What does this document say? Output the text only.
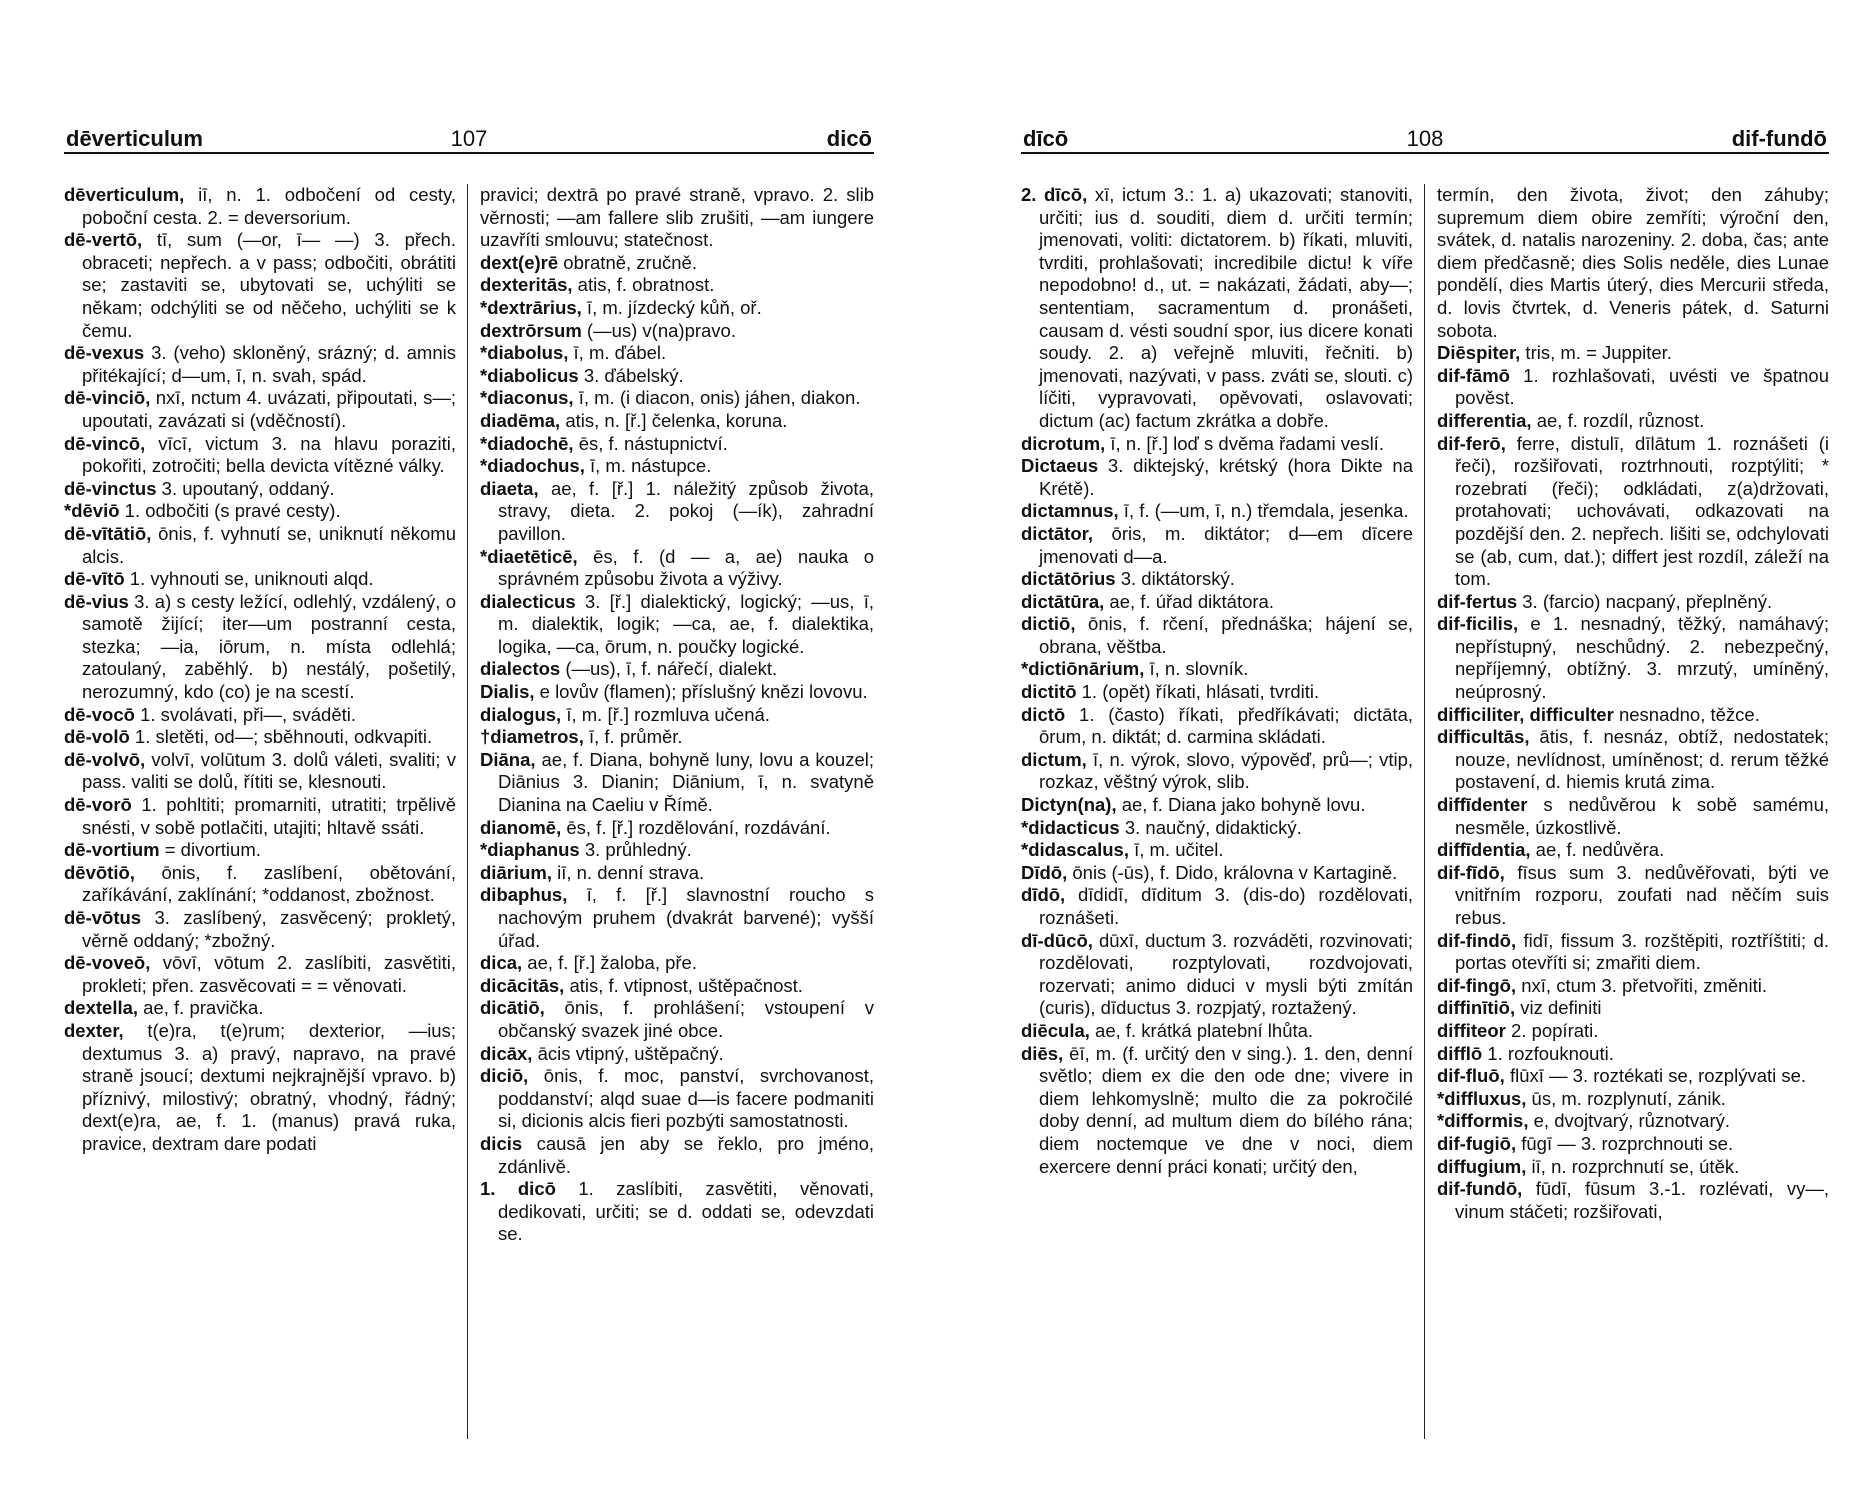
dēverticulum	107	dicō

dēverticulum, iī, n. 1. odbočení od cesty, poboční cesta. 2. = deversorium.

dē-vertō, tī, sum (—or, ī— —) 3. přech. obraceti; nepřech. a v pass; odbočiti, obrátiti se; zastaviti se, ubytovati se, uchýliti se někam; odchýliti se od něčeho, uchýliti se k čemu.

dē-vexus 3. (veho) skloněný, srázný; d. amnis přitékající; d—um, ī, n. svah, spád.

dē-vinciō, nxī, nctum 4. uvázati, připoutati, s—; upoutati, zavázati si (vděčností).

dē-vincō, vīcī, victum 3. na hlavu poraziti, pokořiti, zotročiti; bella devicta vítězné války.

dē-vinctus 3. upoutaný, oddaný.

*dēviō 1. odbočiti (s pravé cesty).

dē-vītātiō, ōnis, f. vyhnutí se, uniknutí někomu alcis.

dē-vītō 1. vyhnouti se, uniknouti alqd.

dē-vius 3. a) s cesty ležící, odlehlý, vzdálený, o samotě žijící; iter—um postranní cesta, stezka; —ia, iōrum, n. místa odlehlá; zatoulaný, zaběhlý. b) nestálý, pošetilý, nerozumný, kdo (co) je na scestí.

dē-vocō 1. svolávati, při—, sváděti.

dē-volō 1. sletěti, od—; sběhnouti, odkvapiti.

dē-volvō, volvī, volūtum 3. dolů váleti, svaliti; v pass. valiti se dolů, řítiti se, klesnouti.

dē-vorō 1. pohltiti; promarniti, utratiti; trpělivě snésti, v sobě potlačiti, utajiti; hltavě ssáti.

dē-vortium = divortium.

dēvōtiō, ōnis, f. zaslíbení, obětování, zaříkávání, zaklínání; *oddanost, zbožnost.

dē-vōtus 3. zaslíbený, zasvěcený; prokletý, věrně oddaný; *zbožný.

dē-voveō, vōvī, vōtum 2. zaslíbiti, zasvětiti, prokleti; přen. zasvěcovati = = věnovati.

dextella, ae, f. pravička.

dexter, t(e)ra, t(e)rum; dexterior, —ius; dextumus 3. a) pravý, napravo, na pravé straně jsoucí; dextumi nejkrajnější vpravo. b) příznivý, milostivý; obratný, vhodný, řádný; dext(e)ra, ae, f. 1. (manus) pravá ruka, pravice, dextram dare podati

pravici; dextrā po pravé straně, vpravo. 2. slib věrnosti; —am fallere slib zrušiti, —am iungere uzavříti smlouvu; statečnost.

dext(e)rē obratně, zručně.

dexteritās, atis, f. obratnost.

*dextrārius, ī, m. jízdecký kůň, oř.

dextrōrsum (—us) v(na)pravo.

*diabolus, ī, m. ďábel.

*diabolicus 3. ďábelský.

*diaconus, ī, m. (i diacon, onis) jáhen, diakon.

diadēma, atis, n. [ř.] čelenka, koruna.

*diadochē, ēs, f. nástupnictví.

*diadochus, ī, m. nástupce.

diaeta, ae, f. [ř.] 1. náležitý způsob života, stravy, dieta. 2. pokoj (—ík), zahradní pavillon.

*diaetēticē, ēs, f. (d — a, ae) nauka o správném způsobu života a výživy.

dialecticus 3. [ř.] dialektický, logický; —us, ī, m. dialektik, logik; —ca, ae, f. dialektika, logika, —ca, ōrum, n. poučky logické.

dialectos (—us), ī, f. nářečí, dialekt.

Dialis, e lovův (flamen); příslušný knězi lovovu.

dialogus, ī, m. [ř.] rozmluva učená.

†diametros, ī, f. průměr.

Diāna, ae, f. Diana, bohyně luny, lovu a kouzel; Diānius 3. Dianin; Diānium, ī, n. svatyně Dianina na Caeliu v Římě.

dianomē, ēs, f. [ř.] rozdělování, rozdávání.

*diaphanus 3. průhledný.

diārium, iī, n. denní strava.

dibaphus, ī, f. [ř.] slavnostní roucho s nachovým pruhem (dvakrát barvené); vyšší úřad.

dica, ae, f. [ř.] žaloba, pře.

dicācitās, atis, f. vtipnost, uštěpačnost.

dicātiō, ōnis, f. prohlášení; vstoupení v občanský svazek jiné obce.

dicāx, ācis vtipný, uštěpačný.

diciō, ōnis, f. moc, panství, svrchovanost, poddanství; alqd suae d—is facere podmaniti si, dicionis alcis fieri pozbýti samostatnosti.

dicis causā jen aby se řeklo, pro jméno, zdánlivě.

1. dicō 1. zaslíbiti, zasvětiti, věnovati, dedikovati, určiti; se d. oddati se, odevzdati se.

dīcō	108	dif-fundō

2. dīcō, xī, ictum 3.: 1. a) ukazovati; stanoviti, určiti; ius d. souditi, diem d. určiti termín; jmenovati, voliti: dictatorem. b) říkati, mluviti, tvrditi, prohlašovati; incredibile dictu! k víře nepodobno! d., ut. = nakázati, žádati, aby—; sententiam, sacramentum d. pronášeti, causam d. vésti soudní spor, ius dicere konati soudy. 2. a) veřejně mluviti, řečniti. b) jmenovati, nazývati, v pass. zváti se, slouti. c) líčiti, vypravovati, opěvovati, oslavovati; dictum (ac) factum zkrátka a dobře.

dicrotum, ī, n. [ř.] loď s dvěma řadami veslí.

Dictaeus 3. diktejský, krétský (hora Dikte na Krétě).

dictamnus, ī, f. (—um, ī, n.) třemdala, jesenka.

dictātor, ōris, m. diktátor; d—em dīcere jmenovati d—a.

dictātōrius 3. diktátorský.

dictātūra, ae, f. úřad diktátora.

dictiō, ōnis, f. rčení, přednáška; hájení se, obrana, věštba.

*dictiōnārium, ī, n. slovník.

dictitō 1. (opět) říkati, hlásati, tvrditi.

dictō 1. (často) říkati, předříkávati; dictāta, ōrum, n. diktát; d. carmina skládati.

dictum, ī, n. výrok, slovo, výpověď, prů—; vtip, rozkaz, věštný výrok, slib.

Dictyn(na), ae, f. Diana jako bohyně lovu.

*didacticus 3. naučný, didaktický.

*didascalus, ī, m. učitel.

Dīdō, ōnis (-ūs), f. Dido, královna v Kartagině.

dīdō, dīdidī, dīditum 3. (dis-do) rozdělovati, roznášeti.

dī-dūcō, dūxī, ductum 3. rozváděti, rozvinovati; rozdělovati, rozptylovati, rozdvojovati, rozervati; animo diduci v mysli býti zmítán (curis), dīductus 3. rozpjatý, roztažený.

diēcula, ae, f. krátká platební lhůta.

diēs, ēī, m. (f. určitý den v sing.). 1. den, denní světlo; diem ex die den ode dne; vivere in diem lehkomyslně; multo die za pokročilé doby denní, ad multum diem do bílého rána; diem noctemque ve dne v noci, diem exercere denní práci konati; určitý den,

termín, den života, život; den záhuby; supremum diem obire zemříti; výroční den, svátek, d. natalis narozeniny. 2. doba, čas; ante diem předčasně; dies Solis neděle, dies Lunae pondělí, dies Martis úterý, dies Mercurii středa, d. lovis čtvrtek, d. Veneris pátek, d. Saturni sobota.

Diēspiter, tris, m. = Juppiter.

dif-fāmō 1. rozhlašovati, uvésti ve špatnou pověst.

differentia, ae, f. rozdíl, různost.

dif-ferō, ferre, distulī, dīlātum 1. roznášeti (i řeči), rozšiřovati, roztrhnouti, rozptýliti; * rozebrati (řeči); odkládati, z(a)držovati, protahovati; uchovávati, odkazovati na pozdější den. 2. nepřech. lišiti se, odchylovati se (ab, cum, dat.); differt jest rozdíl, záleží na tom.

dif-fertus 3. (farcio) nacpaný, přeplněný.

dif-ficilis, e 1. nesnadný, těžký, namáhavý; nepřístupný, neschůdný. 2. nebezpečný, nepříjemný, obtížný. 3. mrzutý, umíněný, neúprosný.

difficiliter, difficulter nesnadno, těžce.

difficultās, ātis, f. nesnáz, obtíž, nedostatek; nouze, nevlídnost, umíněnost; d. rerum těžké postavení, d. hiemis krutá zima.

diffīdenter s nedůvěrou k sobě samému, nesměle, úzkostlivě.

diffīdentia, ae, f. nedůvěra.

dif-fīdō, fīsus sum 3. nedůvěřovati, býti ve vnitřním rozporu, zoufati nad něčím suis rebus.

dif-findō, fidī, fissum 3. rozštěpiti, roztříštiti; d. portas otevříti si; zmařiti diem.

dif-fingō, nxī, ctum 3. přetvořiti, změniti.

diffinītiō, viz definiti

diffiteor 2. popírati.

difflō 1. rozfouknouti.

dif-fluō, flūxī — 3. roztékati se, rozplývati se.

*diffluxus, ūs, m. rozplynutí, zánik.

*difformis, e, dvojtvarý, různotvarý.

dif-fugiō, fūgī — 3. rozprchnouti se.

diffugium, iī, n. rozprchnutí se, útěk.

dif-fundō, fūdī, fūsum 3.-1. rozlévati, vy—, vinum stáčeti; rozšiřovati,
